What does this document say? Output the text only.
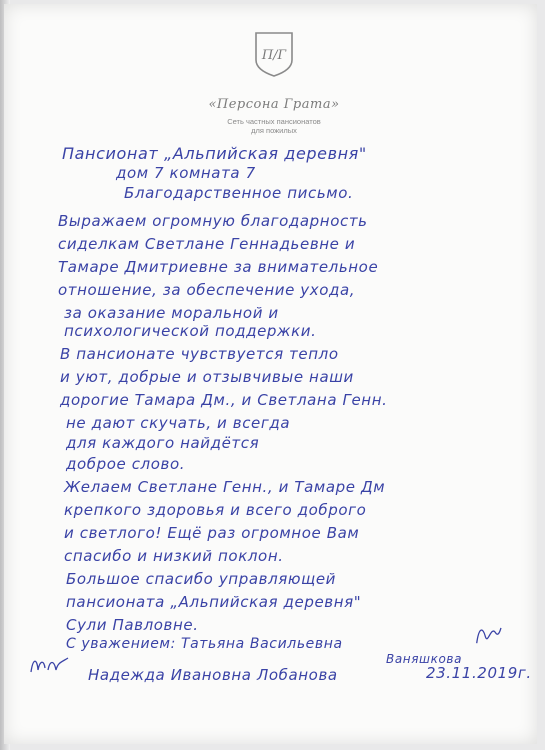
П/Г
«Персона Грата»
Сеть частных пансионатов
для пожилых
Пансионат „Альпийская деревня"
дом 7 комната 7
Благодарственное письмо.
Выражаем огромную благодарность
сиделкам Светлане Геннадьевне и
Тамаре Дмитриевне за внимательное
отношение, за обеспечение ухода,
за оказание моральной и
психологической поддержки.
В пансионате чувствуется тепло
и уют, добрые и отзывчивые наши
дорогие Тамара Дм., и Светлана Генн.
не дают скучать, и всегда
для каждого найдётся
доброе слово.
Желаем Светлане Генн., и Тамаре Дм
крепкого здоровья и всего доброго
и светлого! Ещё раз огромное Вам
спасибо и низкий поклон.
Большое спасибо управляющей
пансионата „Альпийская деревня"
Сули Павловне.
С уважением: Татьяна Васильевна
Ваняшкова
Надежда Ивановна Лобанова	23.11.2019г.
